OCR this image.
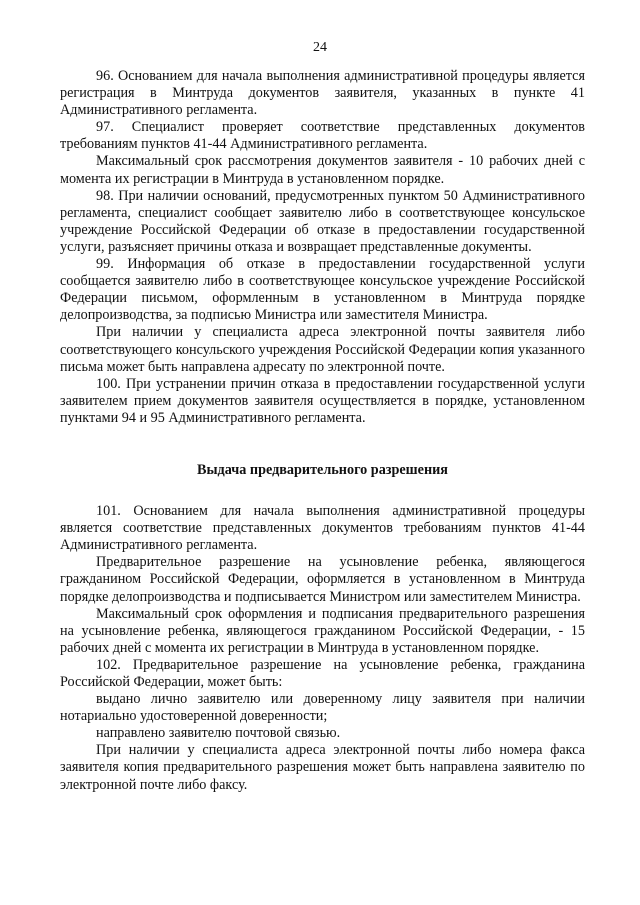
24

96. Основанием для начала выполнения административной процедуры является регистрация в Минтруда документов заявителя, указанных в пункте 41 Административного регламента.

97. Специалист проверяет соответствие представленных документов требованиям пунктов 41-44 Административного регламента.

Максимальный срок рассмотрения документов заявителя - 10 рабочих дней с момента их регистрации в Минтруда в установленном порядке.

98. При наличии оснований, предусмотренных пунктом 50 Административного регламента, специалист сообщает заявителю либо в соответствующее консульское учреждение Российской Федерации об отказе в предоставлении государственной услуги, разъясняет причины отказа и возвращает представленные документы.

99. Информация об отказе в предоставлении государственной услуги сообщается заявителю либо в соответствующее консульское учреждение Российской Федерации письмом, оформленным в установленном в Минтруда порядке делопроизводства, за подписью Министра или заместителя Министра.

При наличии у специалиста адреса электронной почты заявителя либо соответствующего консульского учреждения Российской Федерации копия указанного письма может быть направлена адресату по электронной почте.

100. При устранении причин отказа в предоставлении государственной услуги заявителем прием документов заявителя осуществляется в порядке, установленном пунктами 94 и 95 Административного регламента.

Выдача предварительного разрешения

101. Основанием для начала выполнения административной процедуры является соответствие представленных документов требованиям пунктов 41-44 Административного регламента.

Предварительное разрешение на усыновление ребенка, являющегося гражданином Российской Федерации, оформляется в установленном в Минтруда порядке делопроизводства и подписывается Министром или заместителем Министра.

Максимальный срок оформления и подписания предварительного разрешения на усыновление ребенка, являющегося гражданином Российской Федерации, - 15 рабочих дней с момента их регистрации в Минтруда в установленном порядке.

102. Предварительное разрешение на усыновление ребенка, гражданина Российской Федерации, может быть:

выдано лично заявителю или доверенному лицу заявителя при наличии нотариально удостоверенной доверенности;

направлено заявителю почтовой связью.

При наличии у специалиста адреса электронной почты либо номера факса заявителя копия предварительного разрешения может быть направлена заявителю по электронной почте либо факсу.
